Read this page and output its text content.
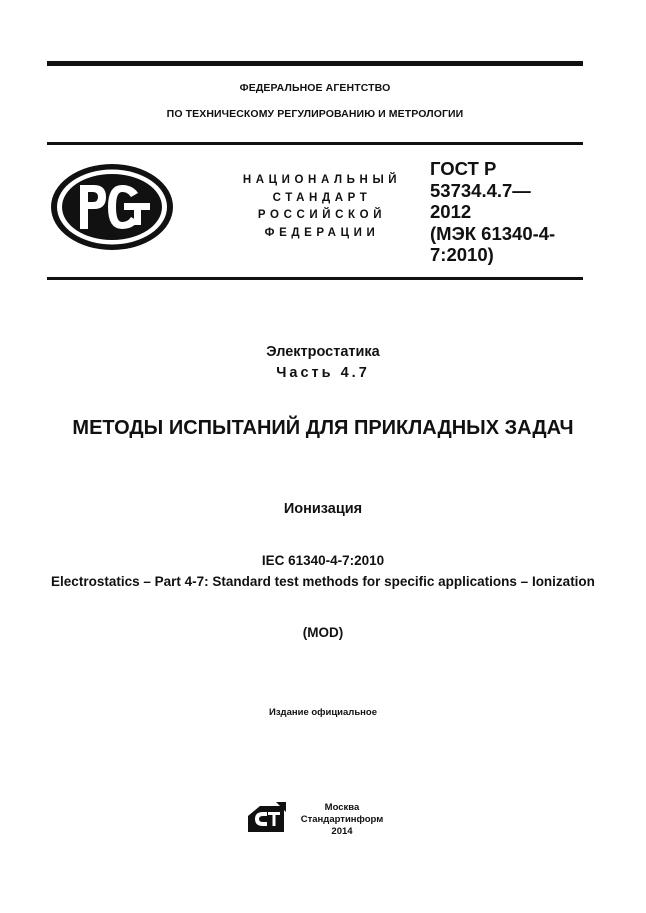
ФЕДЕРАЛЬНОЕ АГЕНТСТВО
ПО ТЕХНИЧЕСКОМУ РЕГУЛИРОВАНИЮ И МЕТРОЛОГИИ
НАЦИОНАЛЬНЫЙ
СТАНДАРТ
РОССИЙСКОЙ
ФЕДЕРАЦИИ
ГОСТ Р
53734.4.7—
2012
(МЭК 61340-4-
7:2010)
Электростатика
Часть 4.7
МЕТОДЫ ИСПЫТАНИЙ ДЛЯ ПРИКЛАДНЫХ ЗАДАЧ
Ионизация
IEC 61340-4-7:2010
Electrostatics – Part 4-7: Standard test methods for specific applications – Ionization
(MOD)
Издание официальное
Москва
Стандартинформ
2014
